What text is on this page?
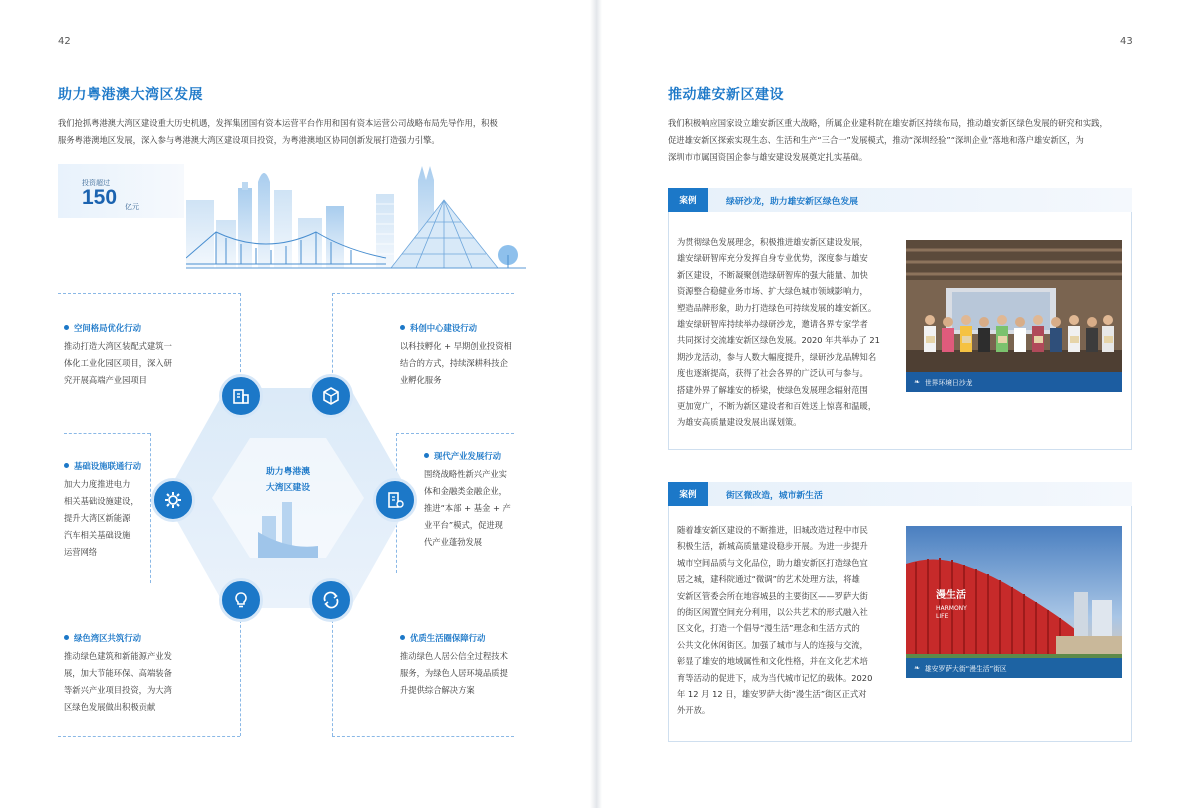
42
助力粤港澳大湾区发展
我们抢抓粤港澳大湾区建设重大历史机遇，发挥集团国有资本运营平台作用和国有资本运营公司战略布局先导作用，积极
服务粤港澳地区发展，深入参与粤港澳大湾区建设项目投资，为粤港澳地区协同创新发展打造强力引擎。
投资超过
150 亿元
助力粤港澳
大湾区建设
空间格局优化行动
推动打造大湾区装配式建筑一
体化工业化园区项目，深入研
究开展高端产业园项目
科创中心建设行动
以科技孵化 + 早期创业投资相
结合的方式，持续深耕科技企
业孵化服务
基础设施联通行动
加大力度推进电力
相关基础设施建设，
提升大湾区新能源
汽车相关基础设施
运营网络
现代产业发展行动
围绕战略性新兴产业实
体和金融类金融企业，
推进“本部 + 基金 + 产
业平台”模式，促进现
代产业蓬勃发展
绿色湾区共筑行动
推动绿色建筑和新能源产业发
展，加大节能环保、高端装备
等新兴产业项目投资，为大湾
区绿色发展做出积极贡献
优质生活圈保障行动
推动绿色人居公信全过程技术
服务，为绿色人居环境品质提
升提供综合解决方案
43
推动雄安新区建设
我们积极响应国家设立雄安新区重大战略，所属企业建科院在雄安新区持续布局，推动雄安新区绿色发展的研究和实践，
促进雄安新区探索实现生态、生活和生产“三合一”发展模式，推动“深圳经验”“深圳企业”落地和落户雄安新区，为
深圳市市属国资国企参与雄安建设发展奠定扎实基础。
案例	绿研沙龙，助力雄安新区绿色发展
为贯彻绿色发展理念，积极推进雄安新区建设发展，
雄安绿研智库充分发挥自身专业优势，深度参与雄安
新区建设，不断凝聚创造绿研智库的强大能量、加快
资源整合稳健业务市场、扩大绿色城市领域影响力，
塑造品牌形象，助力打造绿色可持续发展的雄安新区。
雄安绿研智库持续举办绿研沙龙，邀请各界专家学者
共同探讨交流雄安新区绿色发展。2020 年共举办了 21
期沙龙活动，参与人数大幅度提升，绿研沙龙品牌知名
度也逐渐提高，获得了社会各界的广泛认可与参与。
搭建外界了解雄安的桥梁，使绿色发展理念辐射范围
更加宽广，不断为新区建设者和百姓送上惊喜和温暖，
为雄安高质量建设发展出谋划策。
❧ 世界环境日沙龙
案例	街区微改造，城市新生活
随着雄安新区建设的不断推进，旧城改造过程中市民
积极生活，新城高质量建设稳步开展。为进一步提升
城市空间品质与文化品位，助力雄安新区打造绿色宜
居之城，建科院通过“微调”的艺术处理方法，将雄
安新区管委会所在地容城县的主要街区——罗萨大街
的街区闲置空间充分利用，以公共艺术的形式融入社
区文化，打造一个倡导“漫生活”理念和生活方式的
公共文化休闲街区。加强了城市与人的连接与交流，
彰显了雄安的地域属性和文化性格，并在文化艺术培
育等活动的促进下，成为当代城市记忆的载体。2020
年 12 月 12 日，雄安罗萨大街“漫生活”街区正式对
外开放。
漫生活
HARMONY
LIFE
❧ 雄安罗萨大街“漫生活”街区
